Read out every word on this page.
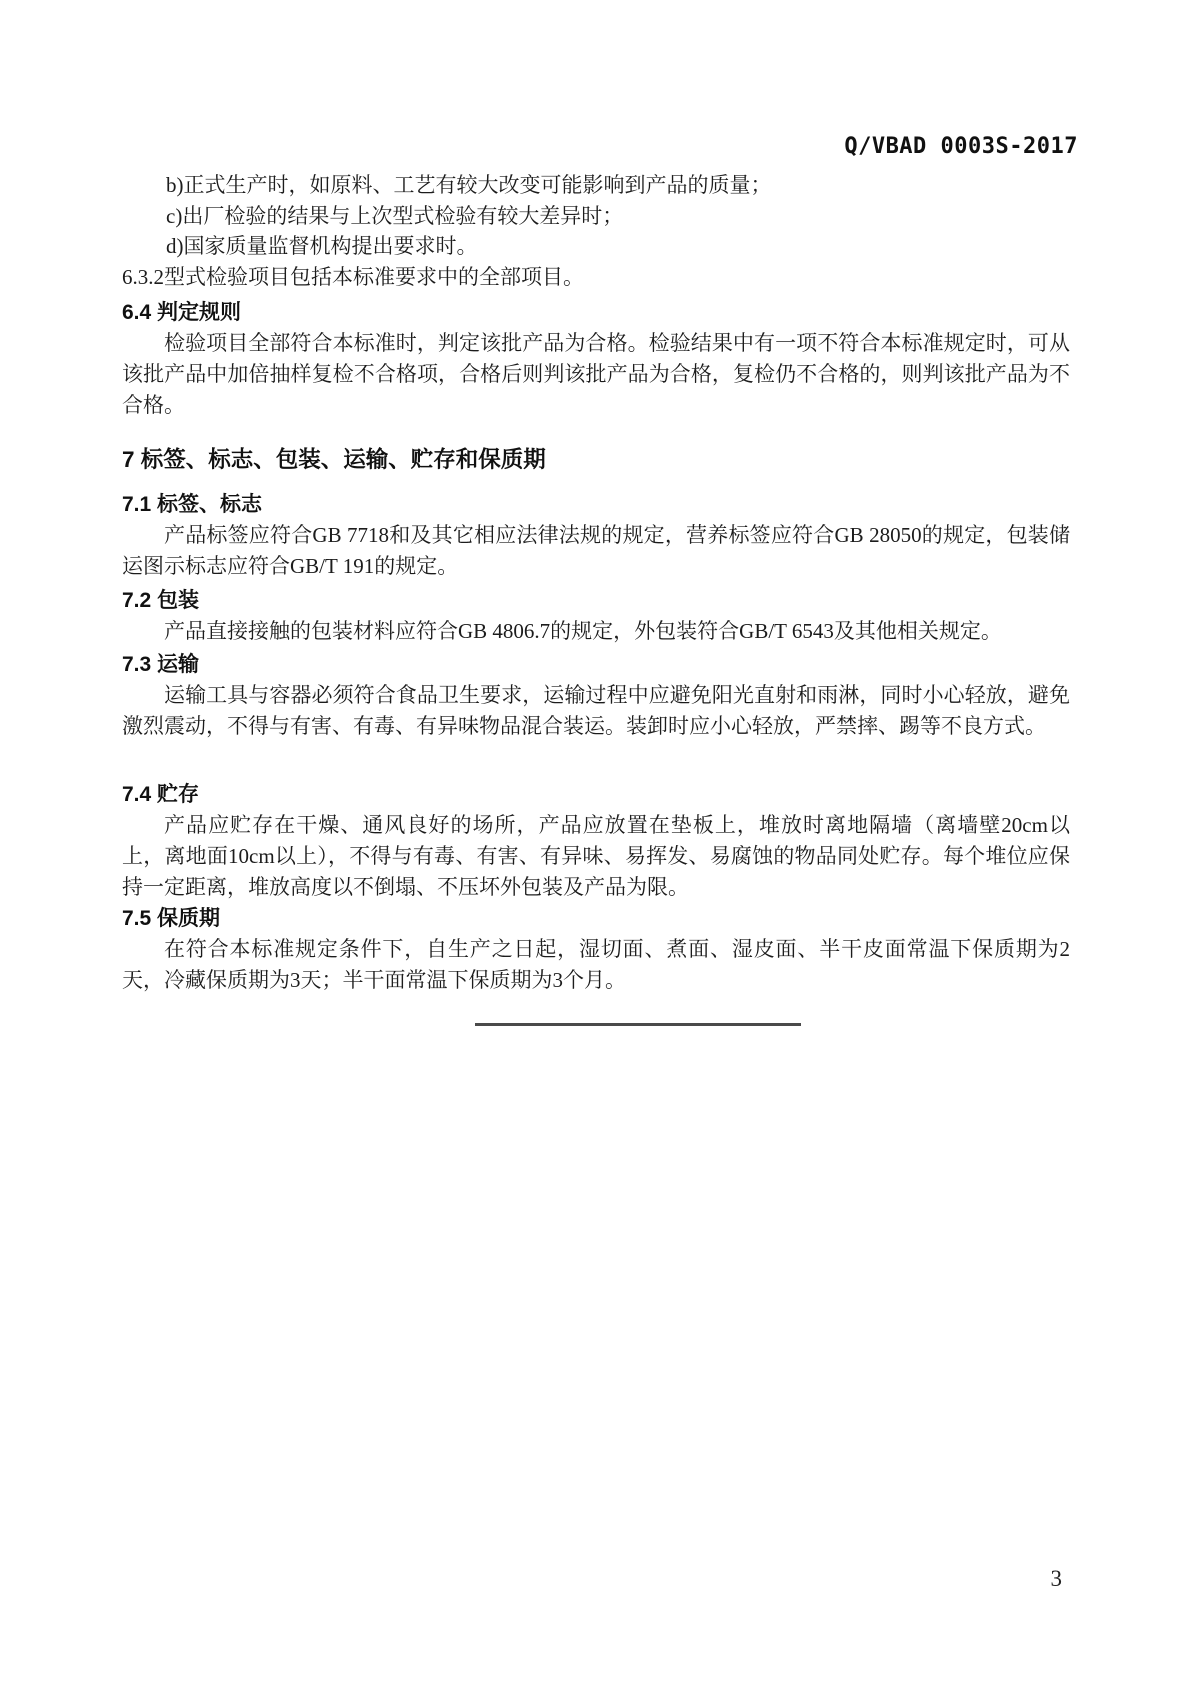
Q/VBAD 0003S-2017
b)正式生产时，如原料、工艺有较大改变可能影响到产品的质量；
c)出厂检验的结果与上次型式检验有较大差异时；
d)国家质量监督机构提出要求时。
6.3.2型式检验项目包括本标准要求中的全部项目。
6.4 判定规则

检验项目全部符合本标准时，判定该批产品为合格。检验结果中有一项不符合本标准规定时，可从该批产品中加倍抽样复检不合格项，合格后则判该批产品为合格，复检仍不合格的，则判该批产品为不合格。

7 标签、标志、包装、运输、贮存和保质期
7.1 标签、标志

产品标签应符合GB 7718和及其它相应法律法规的规定，营养标签应符合GB 28050的规定，包装储运图示标志应符合GB/T 191的规定。

7.2 包装

产品直接接触的包装材料应符合GB 4806.7的规定，外包装符合GB/T 6543及其他相关规定。

7.3 运输

运输工具与容器必须符合食品卫生要求，运输过程中应避免阳光直射和雨淋，同时小心轻放，避免激烈震动，不得与有害、有毒、有异味物品混合装运。装卸时应小心轻放，严禁摔、踢等不良方式。

7.4 贮存

产品应贮存在干燥、通风良好的场所，产品应放置在垫板上，堆放时离地隔墙（离墙壁20cm以上，离地面10cm以上），不得与有毒、有害、有异味、易挥发、易腐蚀的物品同处贮存。每个堆位应保持一定距离，堆放高度以不倒塌、不压坏外包装及产品为限。

7.5 保质期

在符合本标准规定条件下，自生产之日起，湿切面、煮面、湿皮面、半干皮面常温下保质期为2天，冷藏保质期为3天；半干面常温下保质期为3个月。

3
